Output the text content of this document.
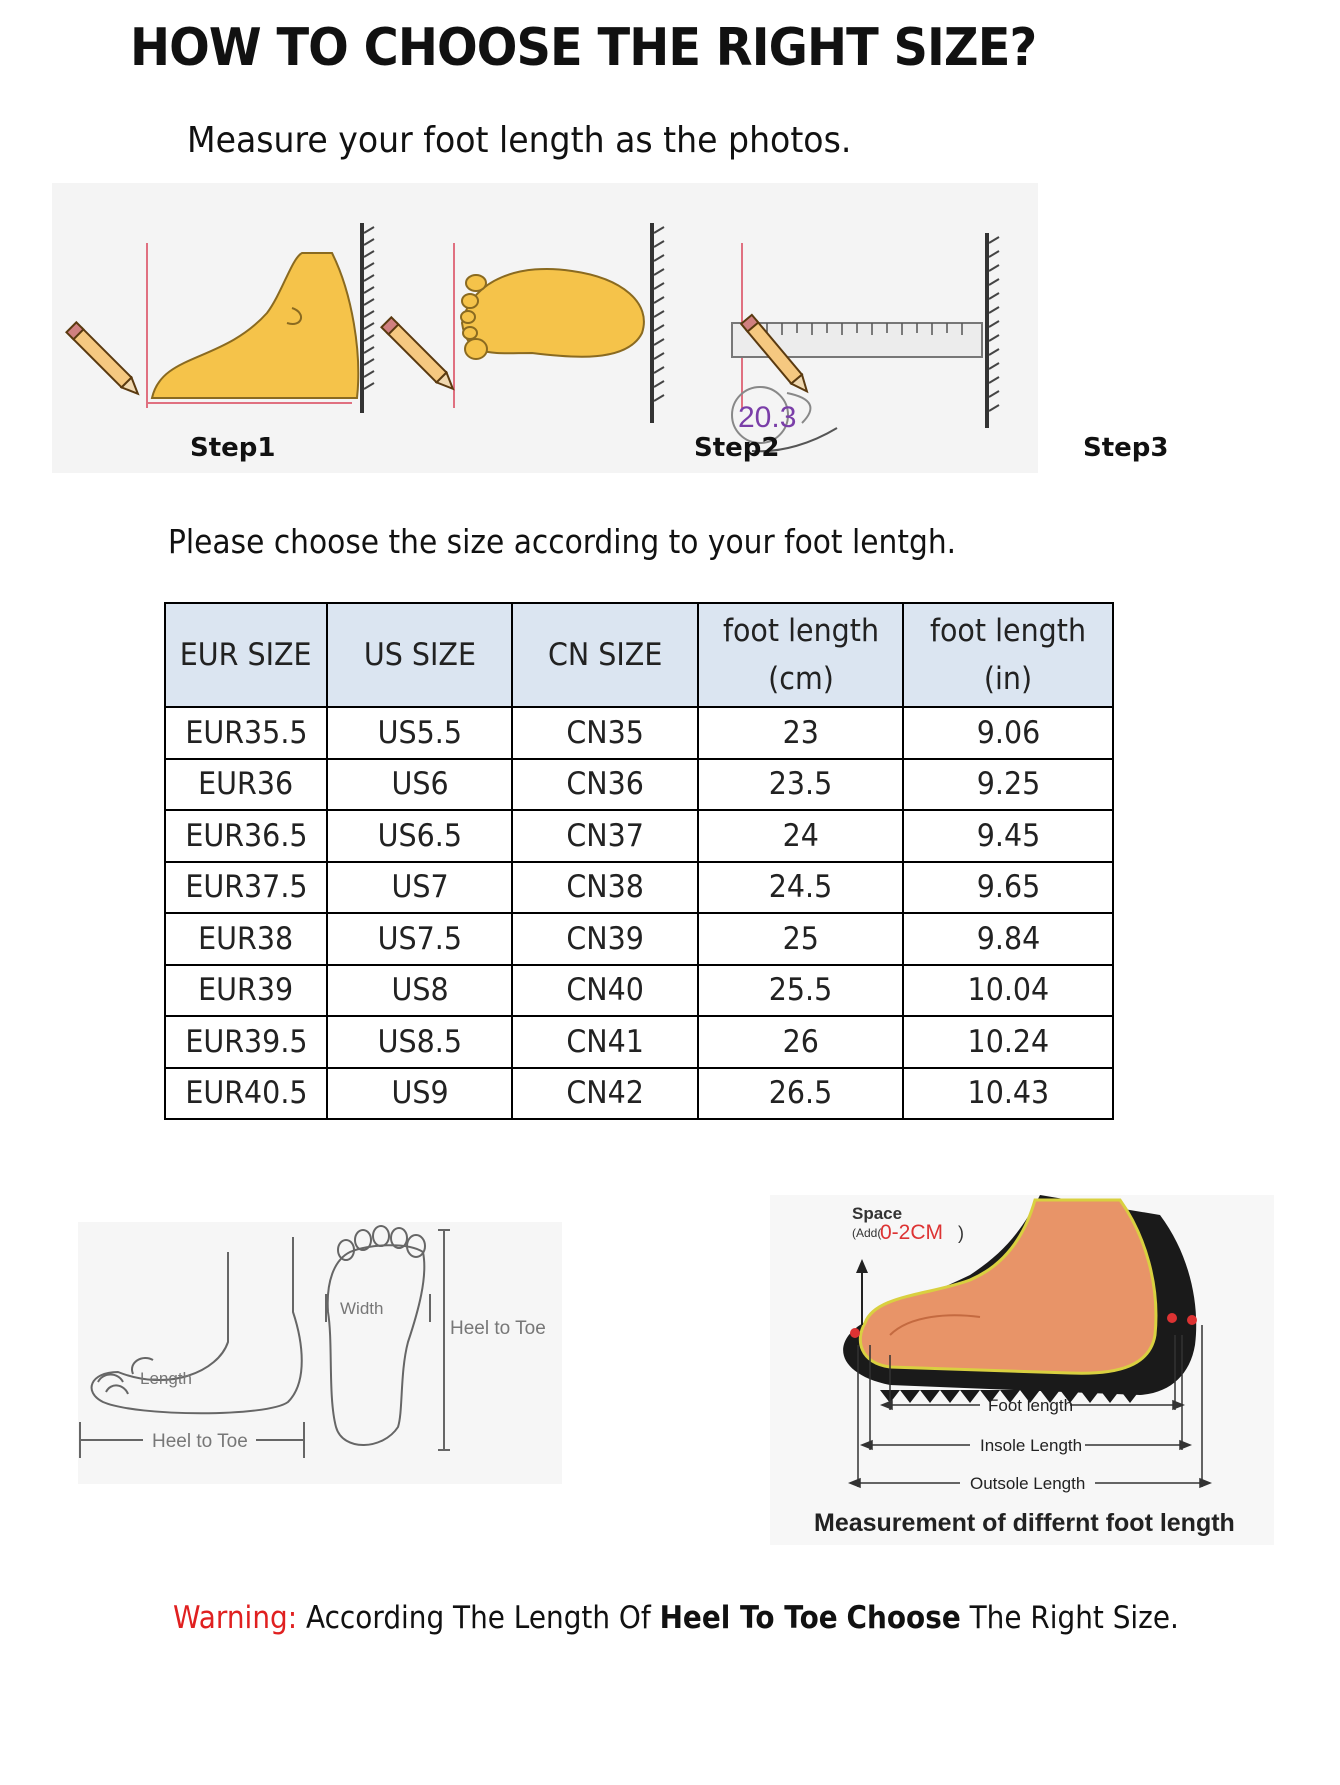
HOW TO CHOOSE THE RIGHT SIZE?
Measure your foot length as the photos.
20.3
Step1	Step2	Step3
Please choose the size according to your foot lentgh.
EUR SIZE	US SIZE	CN SIZE	foot length (cm)	foot length (in)
EUR35.5	US5.5	CN35	23	9.06
EUR36	US6	CN36	23.5	9.25
EUR36.5	US6.5	CN37	24	9.45
EUR37.5	US7	CN38	24.5	9.65
EUR38	US7.5	CN39	25	9.84
EUR39	US8	CN40	25.5	10.04
EUR39.5	US8.5	CN41	26	10.24
EUR40.5	US9	CN42	26.5	10.43
Length
Heel to Toe
Width
Heel to Toe
Space
(Add(
0-2CM )
Foot length
Insole Length
Outsole Length
Measurement of differnt foot length
Warning: According The Length Of Heel To Toe Choose The Right Size.
